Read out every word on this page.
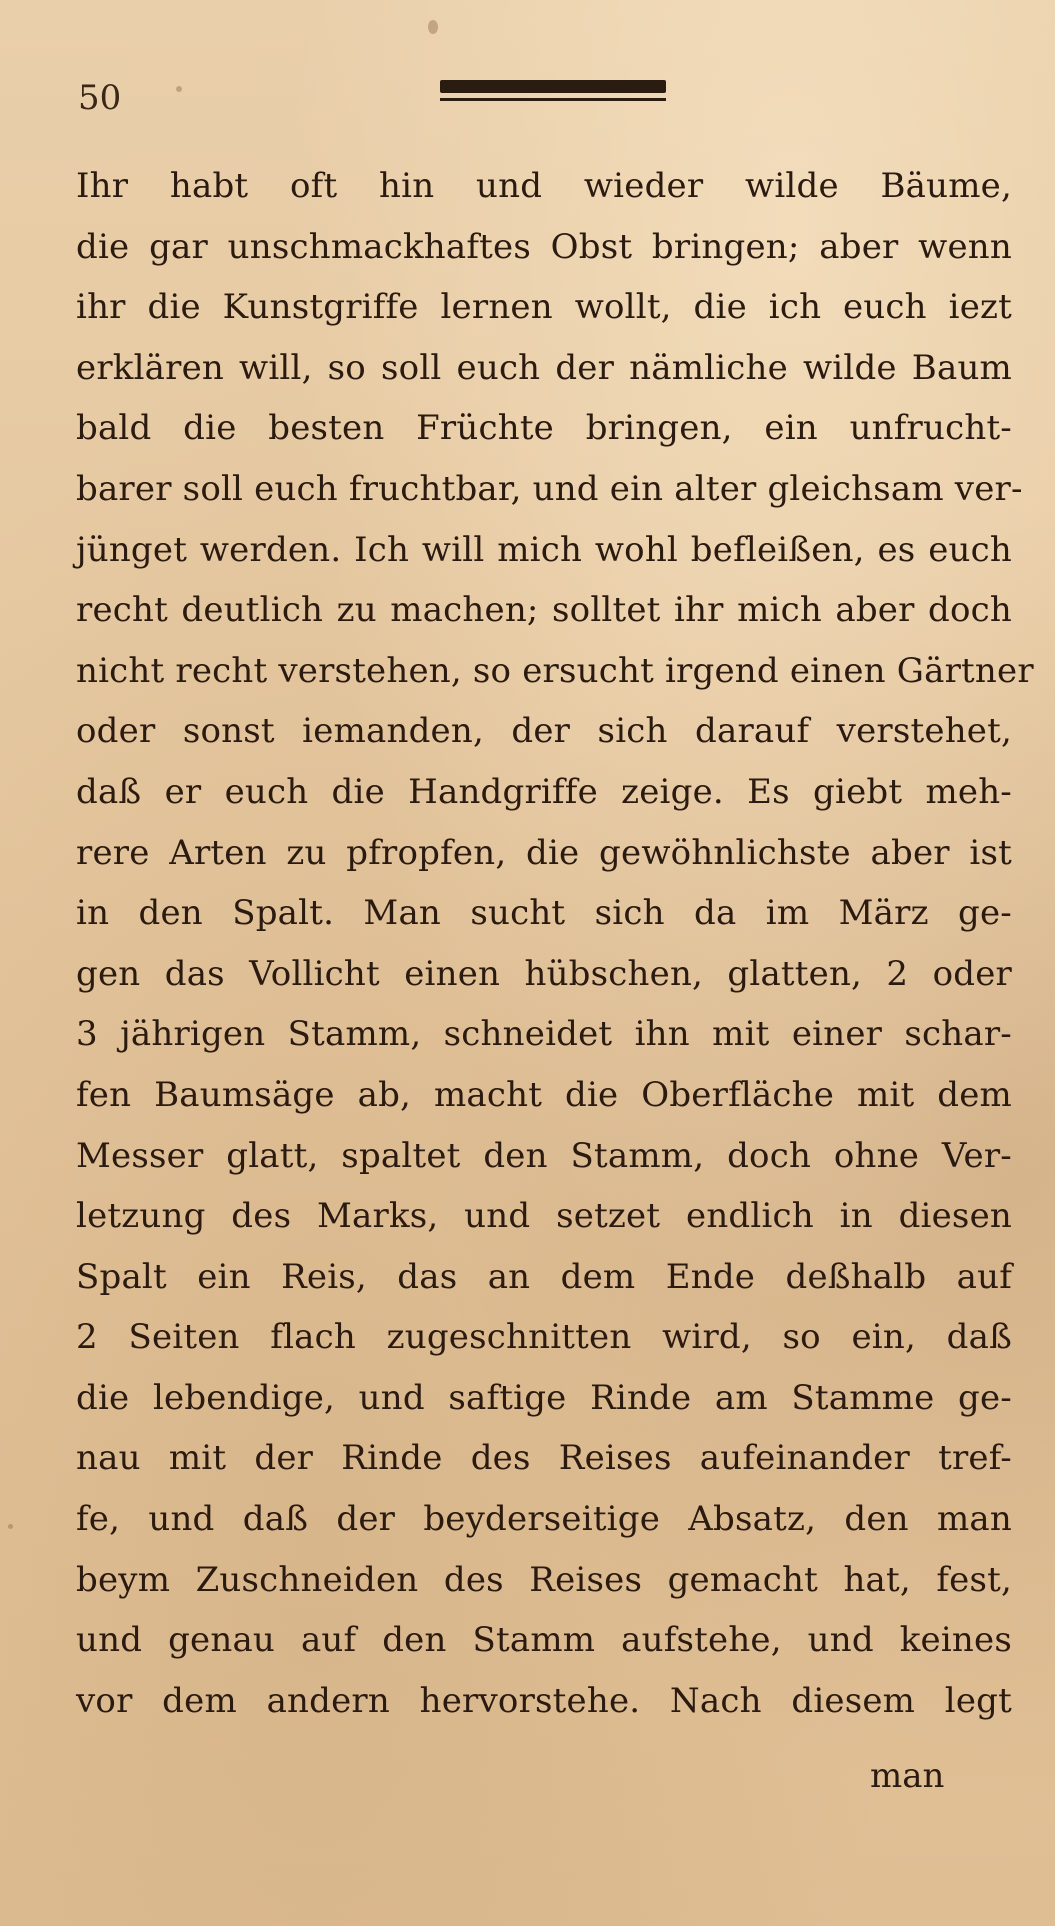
50

Ihr habt oft hin und wieder wilde Bäume,
die gar unschmackhaftes Obst bringen; aber wenn
ihr die Kunstgriffe lernen wollt, die ich euch iezt
erklären will, so soll euch der nämliche wilde Baum
bald die besten Früchte bringen, ein unfrucht-
barer soll euch fruchtbar, und ein alter gleichsam ver-
jünget werden. Ich will mich wohl befleißen, es euch
recht deutlich zu machen; solltet ihr mich aber doch
nicht recht verstehen, so ersucht irgend einen Gärtner
oder sonst iemanden, der sich darauf verstehet,
daß er euch die Handgriffe zeige. Es giebt meh-
rere Arten zu pfropfen, die gewöhnlichste aber ist
in den Spalt. Man sucht sich da im März ge-
gen das Vollicht einen hübschen, glatten, 2 oder
3 jährigen Stamm, schneidet ihn mit einer schar-
fen Baumsäge ab, macht die Oberfläche mit dem
Messer glatt, spaltet den Stamm, doch ohne Ver-
letzung des Marks, und setzet endlich in diesen
Spalt ein Reis, das an dem Ende deßhalb auf
2 Seiten flach zugeschnitten wird, so ein, daß
die lebendige, und saftige Rinde am Stamme ge-
nau mit der Rinde des Reises aufeinander tref-
fe, und daß der beyderseitige Absatz, den man
beym Zuschneiden des Reises gemacht hat, fest,
und genau auf den Stamm aufstehe, und keines
vor dem andern hervorstehe. Nach diesem legt

man
